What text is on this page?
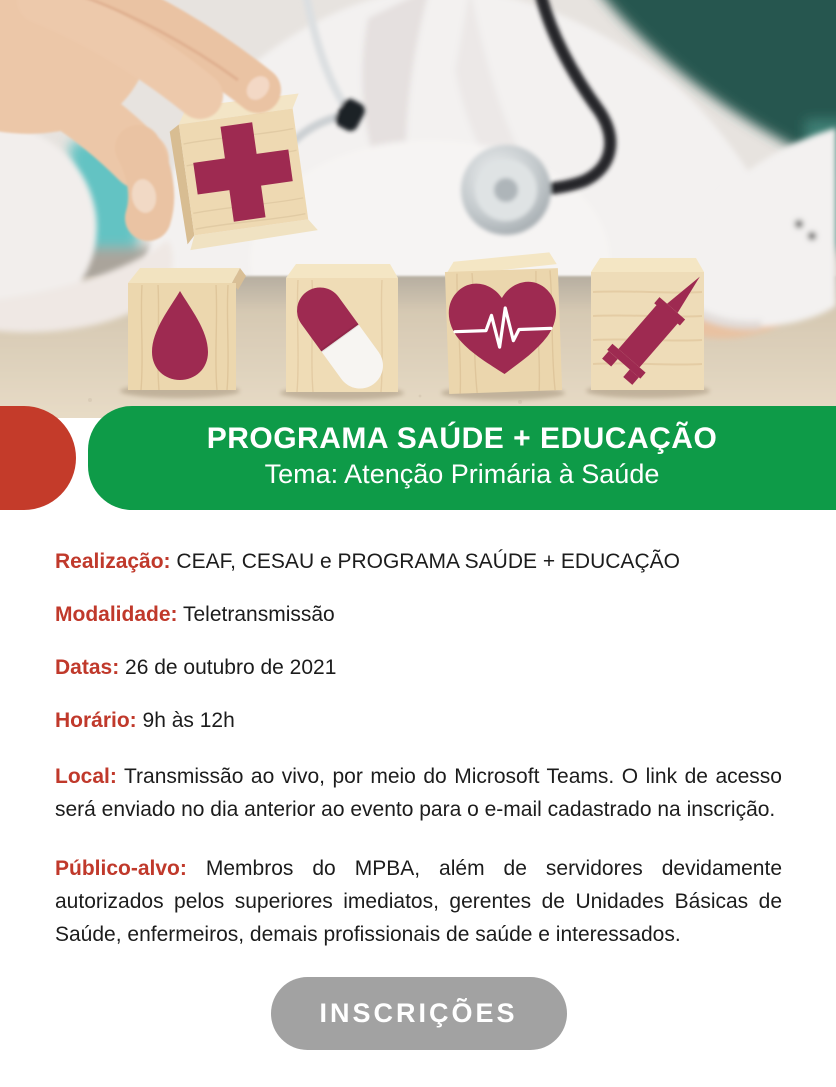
PROGRAMA SAÚDE + EDUCAÇÃO
Tema: Atenção Primária à Saúde

Realização: CEAF, CESAU e PROGRAMA SAÚDE + EDUCAÇÃO

Modalidade: Teletransmissão

Datas: 26 de outubro de 2021

Horário: 9h às 12h

Local: Transmissão ao vivo, por meio do Microsoft Teams. O link de acesso será enviado no dia anterior ao evento para o e-mail cadastrado na inscrição.

Público-alvo: Membros do MPBA, além de servidores devidamente autorizados pelos superiores imediatos, gerentes de Unidades Básicas de Saúde, enfermeiros, demais profissionais de saúde e interessados.

INSCRIÇÕES
